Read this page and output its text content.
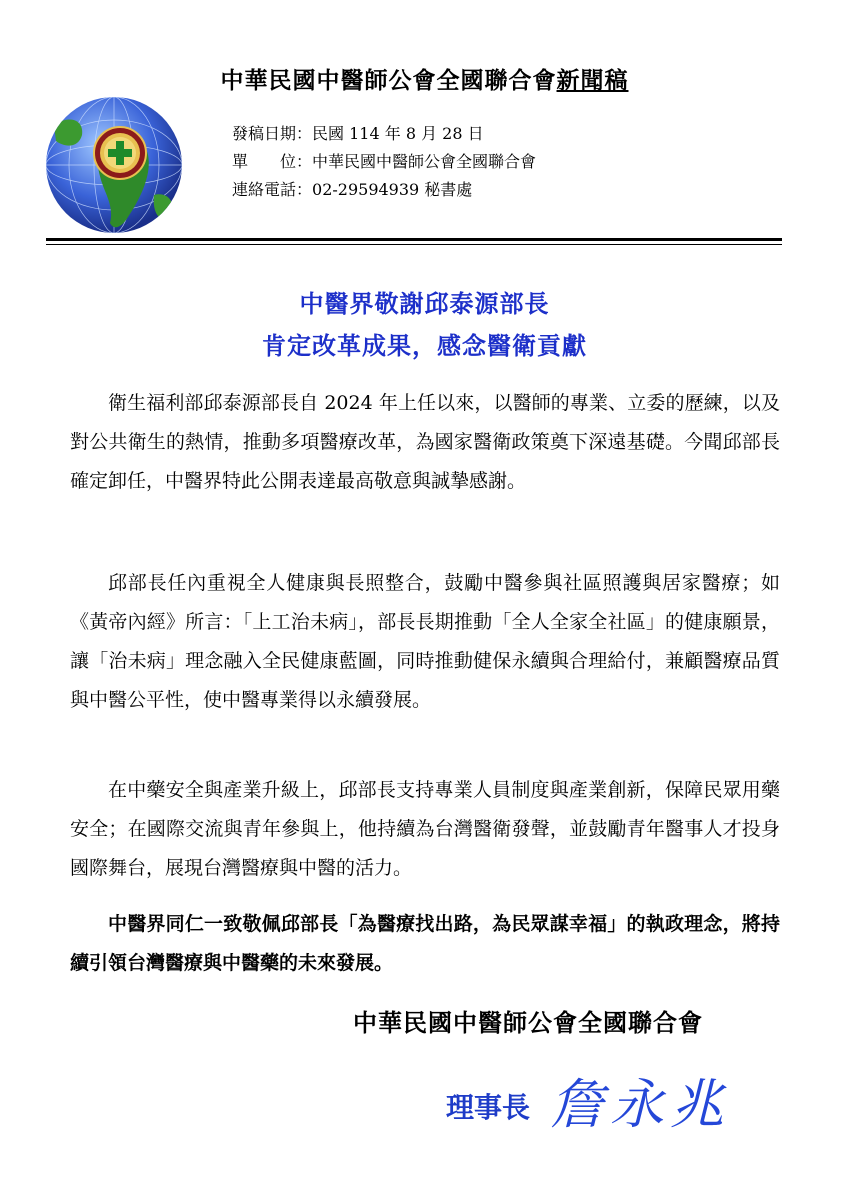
中華民國中醫師公會全國聯合會新聞稿
發稿日期：民國 114 年 8 月 28 日
單　　位：中華民國中醫師公會全國聯合會
連絡電話：02-29594939 秘書處
中醫界敬謝邱泰源部長
肯定改革成果，感念醫衛貢獻

衛生福利部邱泰源部長自 2024 年上任以來，以醫師的專業、立委的歷練，以及對公共衛生的熱情，推動多項醫療改革，為國家醫衛政策奠下深遠基礎。今聞邱部長確定卸任，中醫界特此公開表達最高敬意與誠摯感謝。

邱部長任內重視全人健康與長照整合，鼓勵中醫參與社區照護與居家醫療；如《黃帝內經》所言：「上工治未病」，部長長期推動「全人全家全社區」的健康願景，讓「治未病」理念融入全民健康藍圖，同時推動健保永續與合理給付，兼顧醫療品質與中醫公平性，使中醫專業得以永續發展。

在中藥安全與產業升級上，邱部長支持專業人員制度與產業創新，保障民眾用藥安全；在國際交流與青年參與上，他持續為台灣醫衛發聲，並鼓勵青年醫事人才投身國際舞台，展現台灣醫療與中醫的活力。

中醫界同仁一致敬佩邱部長「為醫療找出路，為民眾謀幸福」的執政理念，將持續引領台灣醫療與中醫藥的未來發展。

中華民國中醫師公會全國聯合會
理事長 詹永兆
